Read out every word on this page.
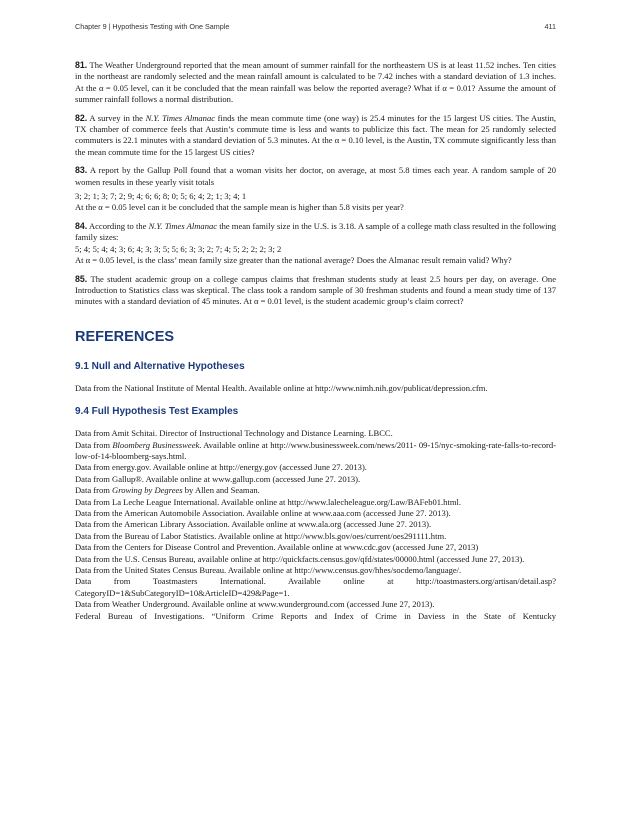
Chapter 9 | Hypothesis Testing with One Sample	411

81. The Weather Underground reported that the mean amount of summer rainfall for the northeastern US is at least 11.52 inches. Ten cities in the northeast are randomly selected and the mean rainfall amount is calculated to be 7.42 inches with a standard deviation of 1.3 inches. At the α = 0.05 level, can it be concluded that the mean rainfall was below the reported average? What if α = 0.01? Assume the amount of summer rainfall follows a normal distribution.

82. A survey in the N.Y. Times Almanac finds the mean commute time (one way) is 25.4 minutes for the 15 largest US cities. The Austin, TX chamber of commerce feels that Austin’s commute time is less and wants to publicize this fact. The mean for 25 randomly selected commuters is 22.1 minutes with a standard deviation of 5.3 minutes. At the α = 0.10 level, is the Austin, TX commute significantly less than the mean commute time for the 15 largest US cities?

83. A report by the Gallup Poll found that a woman visits her doctor, on average, at most 5.8 times each year. A random sample of 20 women results in these yearly visit totals

3; 2; 1; 3; 7; 2; 9; 4; 6; 6; 8; 0; 5; 6; 4; 2; 1; 3; 4; 1

At the α = 0.05 level can it be concluded that the sample mean is higher than 5.8 visits per year?

84. According to the N.Y. Times Almanac the mean family size in the U.S. is 3.18. A sample of a college math class resulted in the following family sizes:

5; 4; 5; 4; 4; 3; 6; 4; 3; 3; 5; 5; 6; 3; 3; 2; 7; 4; 5; 2; 2; 2; 3; 2

At α = 0.05 level, is the class’ mean family size greater than the national average? Does the Almanac result remain valid? Why?

85. The student academic group on a college campus claims that freshman students study at least 2.5 hours per day, on average. One Introduction to Statistics class was skeptical. The class took a random sample of 30 freshman students and found a mean study time of 137 minutes with a standard deviation of 45 minutes. At α = 0.01 level, is the student academic group’s claim correct?

REFERENCES
9.1 Null and Alternative Hypotheses

Data from the National Institute of Mental Health. Available online at http://www.nimh.nih.gov/publicat/depression.cfm.

9.4 Full Hypothesis Test Examples

Data from Amit Schitai. Director of Instructional Technology and Distance Learning. LBCC.

Data from Bloomberg Businessweek. Available online at http://www.businessweek.com/news/2011- 09-15/nyc-smoking-rate-falls-to-record-low-of-14-bloomberg-says.html.

Data from energy.gov. Available online at http://energy.gov (accessed June 27. 2013).

Data from Gallup®. Available online at www.gallup.com (accessed June 27. 2013).

Data from Growing by Degrees by Allen and Seaman.

Data from La Leche League International. Available online at http://www.lalecheleague.org/Law/BAFeb01.html.

Data from the American Automobile Association. Available online at www.aaa.com (accessed June 27. 2013).

Data from the American Library Association. Available online at www.ala.org (accessed June 27. 2013).

Data from the Bureau of Labor Statistics. Available online at http://www.bls.gov/oes/current/oes291111.htm.

Data from the Centers for Disease Control and Prevention. Available online at www.cdc.gov (accessed June 27, 2013)

Data from the U.S. Census Bureau, available online at http://quickfacts.census.gov/qfd/states/00000.html (accessed June 27, 2013).

Data from the United States Census Bureau. Available online at http://www.census.gov/hhes/socdemo/language/.

Data from Toastmasters International. Available online at http://toastmasters.org/artisan/detail.asp?CategoryID=1&SubCategoryID=10&ArticleID=429&Page=1.

Data from Weather Underground. Available online at www.wunderground.com (accessed June 27, 2013).

Federal Bureau of Investigations. “Uniform Crime Reports and Index of Crime in Daviess in the State of Kentucky
